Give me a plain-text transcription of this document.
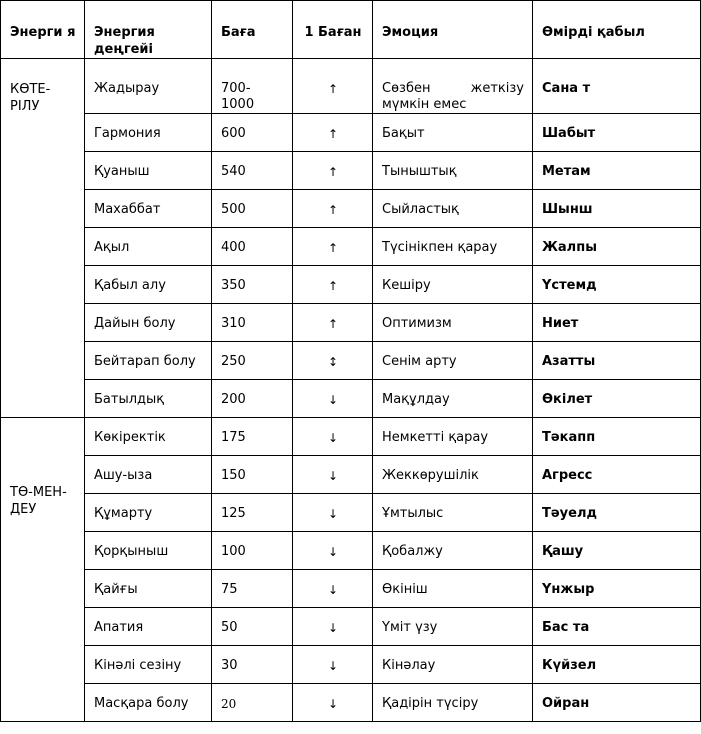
Энерги я	Энергия деңгейі	Баға	1 Баған	Эмоция	Өмірді қабыл
КӨТЕ- РІЛУ	Жадырау	700- 1000	↑	Сөзбен жеткізу мүмкін емес	Сана т
	Гармония	600	↑	Бақыт	Шабыт
	Қуаныш	540	↑	Тыныштық	Метам
	Махаббат	500	↑	Сыйластық	Шынш
	Ақыл	400	↑	Түсінікпен қарау	Жалпы
	Қабыл алу	350	↑	Кешіру	Үстемд
	Дайын болу	310	↑	Оптимизм	Ниет
	Бейтарап болу	250	↕	Сенім арту	Азатты
	Батылдық	200	↓	Мақұлдау	Өкілет
ТӨ-МЕН- ДЕУ	Көкіректік	175	↓	Немкетті қарау	Тәкапп
	Ашу-ыза	150	↓	Жеккөрушілік	Агресс
	Құмарту	125	↓	Ұмтылыс	Тәуелд
	Қорқыныш	100	↓	Қобалжу	Қашу
	Қайғы	75	↓	Өкініш	Үнжыр
	Апатия	50	↓	Үміт үзу	Бас та
	Кінәлі сезіну	30	↓	Кінәлау	Күйзел
	Масқара болу	20	↓	Қадірін түсіру	Ойран
